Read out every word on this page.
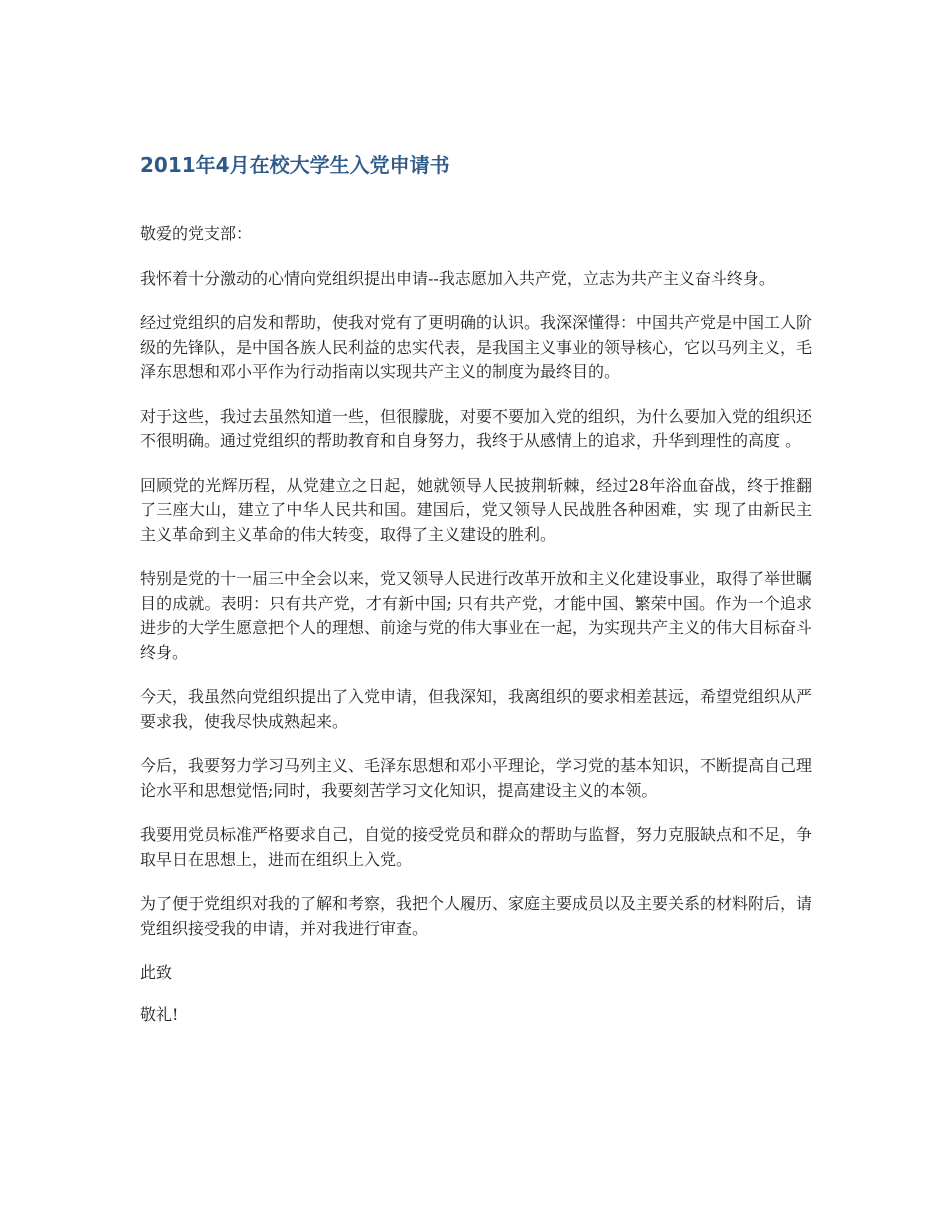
2011年4月在校大学生入党申请书

敬爱的党支部：

我怀着十分激动的心情向党组织提出申请--我志愿加入共产党，立志为共产主义奋斗终身。

经过党组织的启发和帮助，使我对党有了更明确的认识。我深深懂得：中国共产党是中国工人阶级的先锋队，是中国各族人民利益的忠实代表，是我国主义事业的领导核心，它以马列主义，毛泽东思想和邓小平作为行动指南以实现共产主义的制度为最终目的。

对于这些，我过去虽然知道一些，但很朦胧，对要不要加入党的组织，为什么要加入党的组织还不很明确。通过党组织的帮助教育和自身努力，我终于从感情上的追求，升华到理性的高度 。

回顾党的光辉历程，从党建立之日起，她就领导人民披荆斩棘，经过28年浴血奋战，终于推翻了三座大山，建立了中华人民共和国。建国后，党又领导人民战胜各种困难，实 现了由新民主主义革命到主义革命的伟大转变，取得了主义建设的胜利。

特别是党的十一届三中全会以来，党又领导人民进行改革开放和主义化建设事业，取得了举世瞩目的成就。表明：只有共产党，才有新中国; 只有共产党，才能中国、繁荣中国。作为一个追求进步的大学生愿意把个人的理想、前途与党的伟大事业在一起，为实现共产主义的伟大目标奋斗终身。

今天，我虽然向党组织提出了入党申请，但我深知，我离组织的要求相差甚远，希望党组织从严要求我，使我尽快成熟起来。

今后，我要努力学习马列主义、毛泽东思想和邓小平理论，学习党的基本知识，不断提高自己理论水平和思想觉悟;同时，我要刻苦学习文化知识，提高建设主义的本领。

我要用党员标准严格要求自己，自觉的接受党员和群众的帮助与监督，努力克服缺点和不足，争取早日在思想上，进而在组织上入党。

为了便于党组织对我的了解和考察，我把个人履历、家庭主要成员以及主要关系的材料附后，请党组织接受我的申请，并对我进行审查。

此致

敬礼!
